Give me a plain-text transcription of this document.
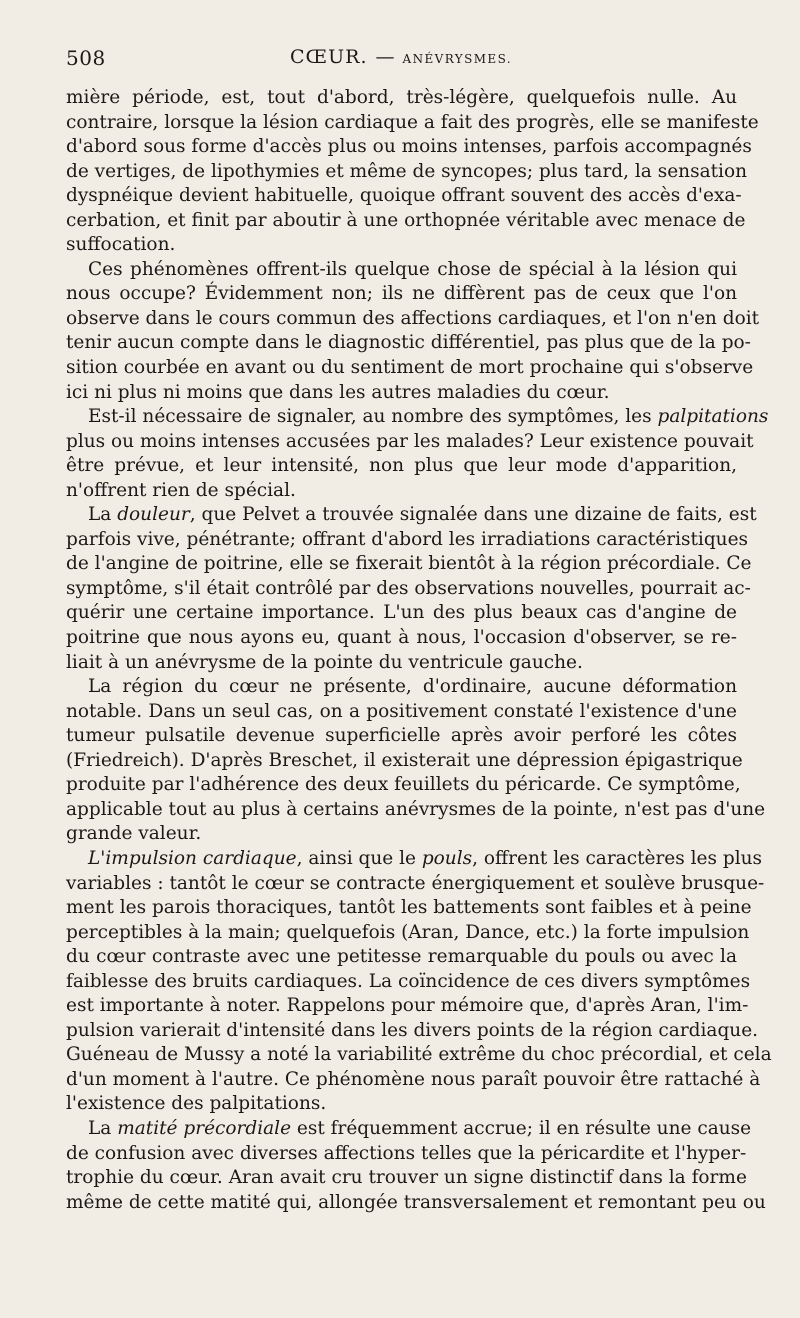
508	CŒUR. — ANÉVRYSMES.
mière période, est, tout d'abord, très-légère, quelquefois nulle. Au
contraire, lorsque la lésion cardiaque a fait des progrès, elle se manifeste
d'abord sous forme d'accès plus ou moins intenses, parfois accompagnés
de vertiges, de lipothymies et même de syncopes; plus tard, la sensation
dyspnéique devient habituelle, quoique offrant souvent des accès d'exa-
cerbation, et finit par aboutir à une orthopnée véritable avec menace de
suffocation.
Ces phénomènes offrent-ils quelque chose de spécial à la lésion qui
nous occupe? Évidemment non; ils ne diffèrent pas de ceux que l'on
observe dans le cours commun des affections cardiaques, et l'on n'en doit
tenir aucun compte dans le diagnostic différentiel, pas plus que de la po-
sition courbée en avant ou du sentiment de mort prochaine qui s'observe
ici ni plus ni moins que dans les autres maladies du cœur.
Est-il nécessaire de signaler, au nombre des symptômes, les palpitations
plus ou moins intenses accusées par les malades? Leur existence pouvait
être prévue, et leur intensité, non plus que leur mode d'apparition,
n'offrent rien de spécial.
La douleur, que Pelvet a trouvée signalée dans une dizaine de faits, est
parfois vive, pénétrante; offrant d'abord les irradiations caractéristiques
de l'angine de poitrine, elle se fixerait bientôt à la région précordiale. Ce
symptôme, s'il était contrôlé par des observations nouvelles, pourrait ac-
quérir une certaine importance. L'un des plus beaux cas d'angine de
poitrine que nous ayons eu, quant à nous, l'occasion d'observer, se re-
liait à un anévrysme de la pointe du ventricule gauche.
La région du cœur ne présente, d'ordinaire, aucune déformation
notable. Dans un seul cas, on a positivement constaté l'existence d'une
tumeur pulsatile devenue superficielle après avoir perforé les côtes
(Friedreich). D'après Breschet, il existerait une dépression épigastrique
produite par l'adhérence des deux feuillets du péricarde. Ce symptôme,
applicable tout au plus à certains anévrysmes de la pointe, n'est pas d'une
grande valeur.
L'impulsion cardiaque, ainsi que le pouls, offrent les caractères les plus
variables : tantôt le cœur se contracte énergiquement et soulève brusque-
ment les parois thoraciques, tantôt les battements sont faibles et à peine
perceptibles à la main; quelquefois (Aran, Dance, etc.) la forte impulsion
du cœur contraste avec une petitesse remarquable du pouls ou avec la
faiblesse des bruits cardiaques. La coïncidence de ces divers symptômes
est importante à noter. Rappelons pour mémoire que, d'après Aran, l'im-
pulsion varierait d'intensité dans les divers points de la région cardiaque.
Guéneau de Mussy a noté la variabilité extrême du choc précordial, et cela
d'un moment à l'autre. Ce phénomène nous paraît pouvoir être rattaché à
l'existence des palpitations.
La matité précordiale est fréquemment accrue; il en résulte une cause
de confusion avec diverses affections telles que la péricardite et l'hyper-
trophie du cœur. Aran avait cru trouver un signe distinctif dans la forme
même de cette matité qui, allongée transversalement et remontant peu ou
